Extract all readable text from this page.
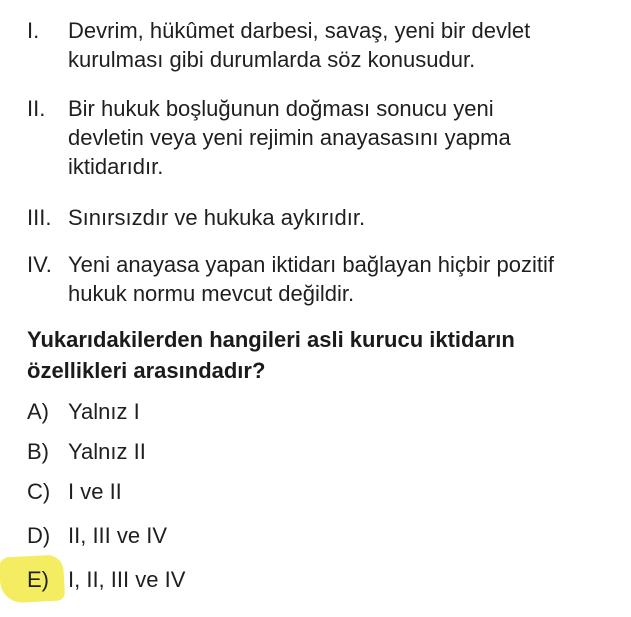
I. Devrim, hükûmet darbesi, savaş, yeni bir devlet
kurulması gibi durumlarda söz konusudur.
II. Bir hukuk boşluğunun doğması sonucu yeni
devletin veya yeni rejimin anayasasını yapma
iktidarıdır.
III. Sınırsızdır ve hukuka aykırıdır.
IV. Yeni anayasa yapan iktidarı bağlayan hiçbir pozitif
hukuk normu mevcut değildir.
Yukarıdakilerden hangileri asli kurucu iktidarın
özellikleri arasındadır?
A) Yalnız I
B) Yalnız II
C) I ve II
D) II, III ve IV
E) I, II, III ve IV
